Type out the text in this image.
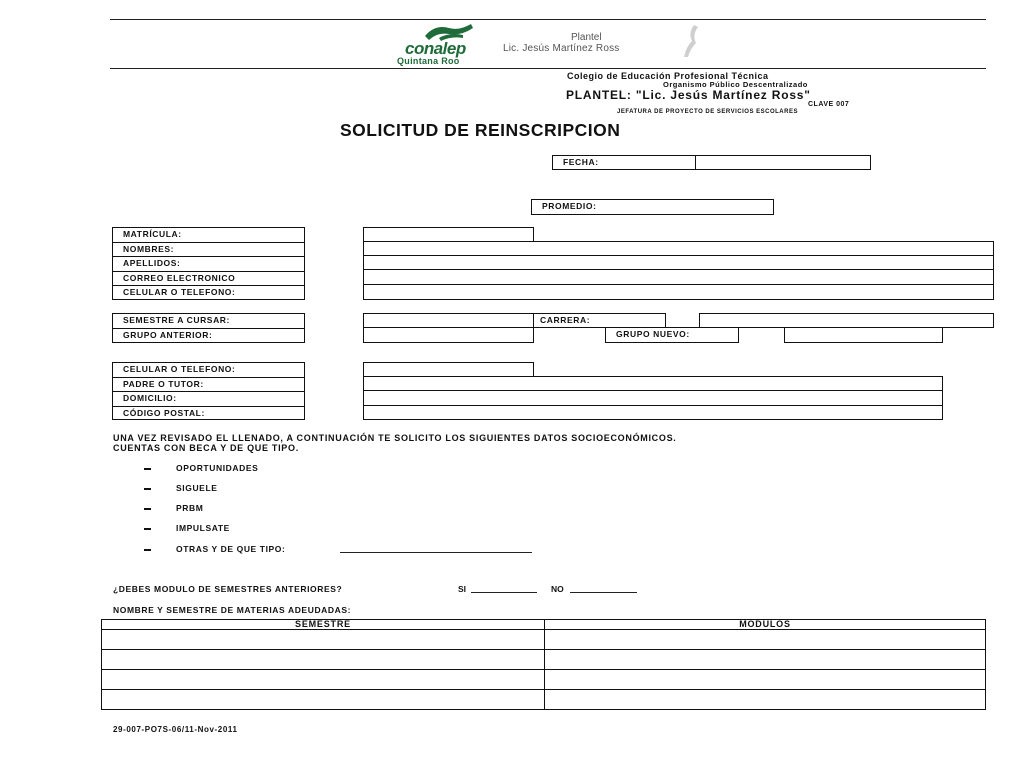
conalep
Quintana Roo
Plantel
Lic. Jesús Martínez Ross
Colegio de Educación Profesional Técnica
Organismo Público Descentralizado
PLANTEL: "Lic. Jesús Martínez Ross"
CLAVE 007
JEFATURA DE PROYECTO DE SERVICIOS ESCOLARES
SOLICITUD DE REINSCRIPCION
FECHA:
PROMEDIO:
MATRÍCULA:
NOMBRES:
APELLIDOS:
CORREO ELECTRONICO
CELULAR O TELEFONO:
SEMESTRE A CURSAR:
GRUPO ANTERIOR:
CARRERA:
GRUPO NUEVO:
CELULAR O TELEFONO:
PADRE O TUTOR:
DOMICILIO:
CÓDIGO POSTAL:
UNA VEZ REVISADO EL LLENADO, A CONTINUACIÓN TE SOLICITO LOS SIGUIENTES DATOS SOCIOECONÓMICOS.
CUENTAS CON BECA Y DE QUE TIPO.
OPORTUNIDADES
SIGUELE
PRBM
IMPULSATE
OTRAS Y DE QUE TIPO:
¿DEBES MODULO DE SEMESTRES ANTERIORES?	SI	NO
NOMBRE Y SEMESTRE DE MATERIAS ADEUDADAS:
SEMESTRE	MODULOS

29-007-PO7S-06/11-Nov-2011
